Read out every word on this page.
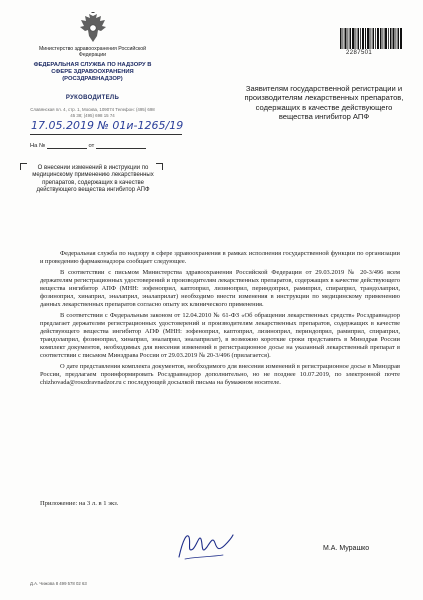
Министерство здравоохранения Российской Федерации
ФЕДЕРАЛЬНАЯ СЛУЖБА ПО НАДЗОРУ В СФЕРЕ ЗДРАВООХРАНЕНИЯ (РОСЗДРАВНАДЗОР)
РУКОВОДИТЕЛЬ
Славянская пл. 4, стр. 1, Москва, 109074 Телефон: (495) 698 45 38; (495) 698 15 74
17.05.2019 № 01и-1265/19
На №	от
2287501
Заявителям государственной регистрации и производителям лекарственных препаратов, содержащих в качестве действующего вещества ингибитор АПФ
О внесении изменений в инструкции по медицинскому применению лекарственных препаратов, содержащих в качестве действующего вещества ингибитор АПФ

Федеральная служба по надзору в сфере здравоохранения в рамках исполнения государственной функции по организации и проведению фармаконадзора сообщает следующее.

В соответствии с письмом Министерства здравоохранения Российской Федерации от 29.03.2019 № 20-3/496 всем держателям регистрационных удостоверений и производителям лекарственных препаратов, содержащих в качестве действующего вещества ингибитор АПФ (МНН: зофеноприл, каптоприл, лизиноприл, периндоприл, рамиприл, спираприл, трандолаприл, фозиноприл, хинаприл, эналаприл, эналаприлат) необходимо внести изменения в инструкции по медицинскому применению данных лекарственных препаратов согласно опыту их клинического применения.

В соответствии с Федеральным законом от 12.04.2010 № 61-ФЗ «Об обращении лекарственных средств» Росздравнадзор предлагает держателям регистрационных удостоверений и производителям лекарственных препаратов, содержащих в качестве действующего вещества ингибитор АПФ (МНН: зофеноприл, каптоприл, лизиноприл, периндоприл, рамиприл, спираприл, трандолаприл, фозиноприл, хинаприл, эналаприл, эналаприлат), в возможно короткие сроки представить в Минздрав России комплект документов, необходимых для внесения изменений в регистрационное досье на указанный лекарственный препарат в соответствии с письмом Минздрава России от 29.03.2019 № 20-3/496 (прилагается).

О дате представления комплекта документов, необходимого для внесения изменений в регистрационное досье в Минздрав России, предлагаем проинформировать Росздравнадзор дополнительно, но не позднее 10.07.2019, по электронной почте chizhovada@roszdravnadzor.ru с последующей досылкой письма на бумажном носителе.

Приложение: на 3 л. в 1 экз.
М.А. Мурашко
Д.А. Чижова 8 499 578 02 63
